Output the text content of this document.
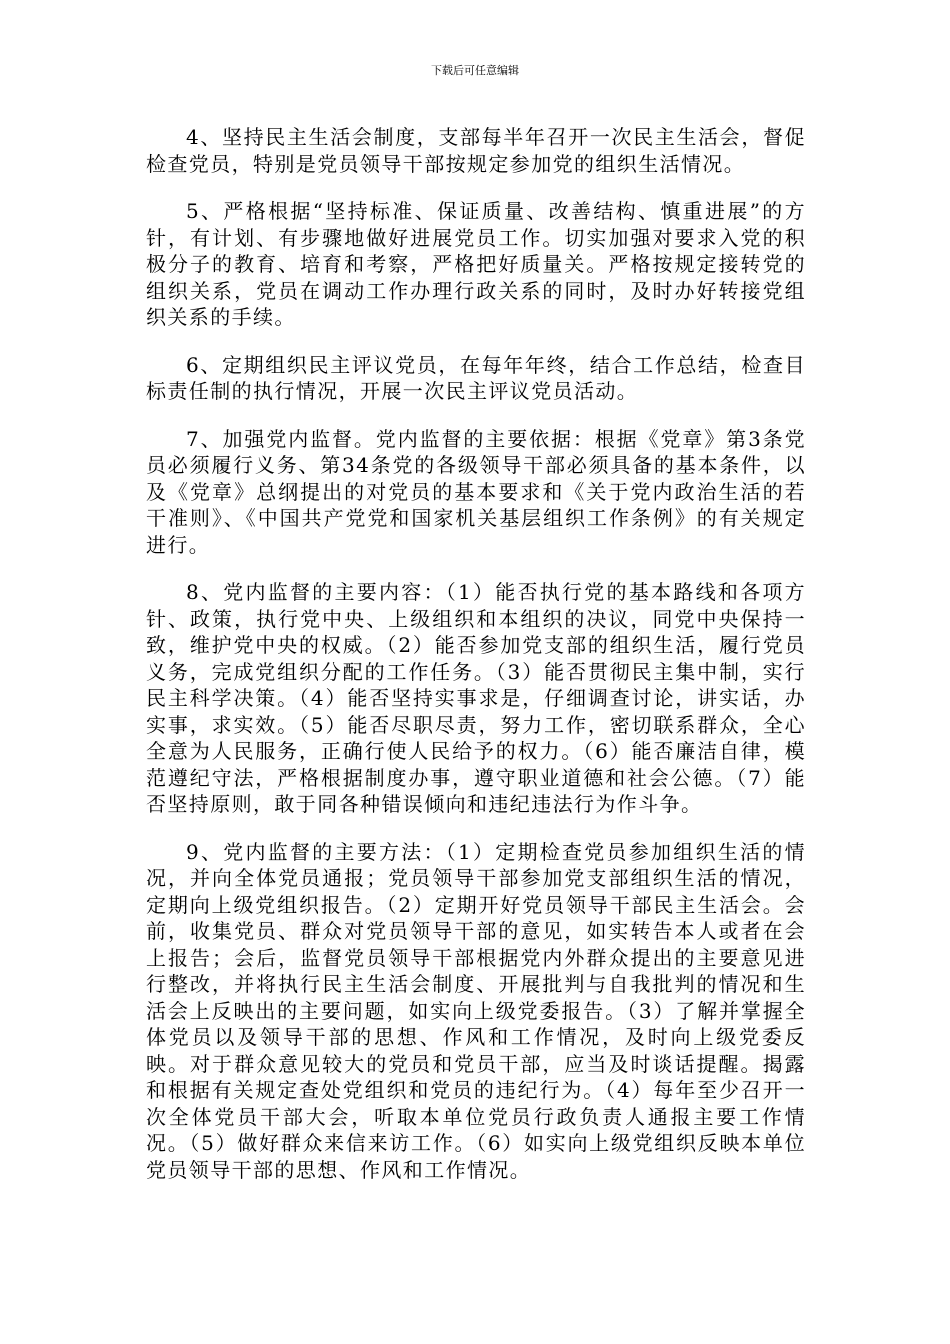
下载后可任意编辑

4、坚持民主生活会制度，支部每半年召开一次民主生活会，督促检查党员，特别是党员领导干部按规定参加党的组织生活情况。

5、严格根据“坚持标准、保证质量、改善结构、慎重进展”的方针，有计划、有步骤地做好进展党员工作。切实加强对要求入党的积极分子的教育、培育和考察，严格把好质量关。严格按规定接转党的组织关系，党员在调动工作办理行政关系的同时，及时办好转接党组织关系的手续。

6、定期组织民主评议党员，在每年年终，结合工作总结，检查目标责任制的执行情况，开展一次民主评议党员活动。

7、加强党内监督。党内监督的主要依据：根据《党章》第3条党员必须履行义务、第34条党的各级领导干部必须具备的基本条件，以及《党章》总纲提出的对党员的基本要求和《关于党内政治生活的若干准则》、《中国共产党党和国家机关基层组织工作条例》的有关规定进行。

8、党内监督的主要内容：（1）能否执行党的基本路线和各项方针、政策，执行党中央、上级组织和本组织的决议，同党中央保持一致，维护党中央的权威。（2）能否参加党支部的组织生活，履行党员义务，完成党组织分配的工作任务。（3）能否贯彻民主集中制，实行民主科学决策。（4）能否坚持实事求是，仔细调查讨论，讲实话，办实事，求实效。（5）能否尽职尽责，努力工作，密切联系群众，全心全意为人民服务，正确行使人民给予的权力。（6）能否廉洁自律，模范遵纪守法，严格根据制度办事，遵守职业道德和社会公德。（7）能否坚持原则，敢于同各种错误倾向和违纪违法行为作斗争。

9、党内监督的主要方法：（1）定期检查党员参加组织生活的情况，并向全体党员通报；党员领导干部参加党支部组织生活的情况，定期向上级党组织报告。（2）定期开好党员领导干部民主生活会。会前，收集党员、群众对党员领导干部的意见，如实转告本人或者在会上报告；会后，监督党员领导干部根据党内外群众提出的主要意见进行整改，并将执行民主生活会制度、开展批判与自我批判的情况和生活会上反映出的主要问题，如实向上级党委报告。（3）了解并掌握全体党员以及领导干部的思想、作风和工作情况，及时向上级党委反映。对于群众意见较大的党员和党员干部，应当及时谈话提醒。揭露和根据有关规定查处党组织和党员的违纪行为。（4）每年至少召开一次全体党员干部大会，听取本单位党员行政负责人通报主要工作情况。（5）做好群众来信来访工作。（6）如实向上级党组织反映本单位党员领导干部的思想、作风和工作情况。
